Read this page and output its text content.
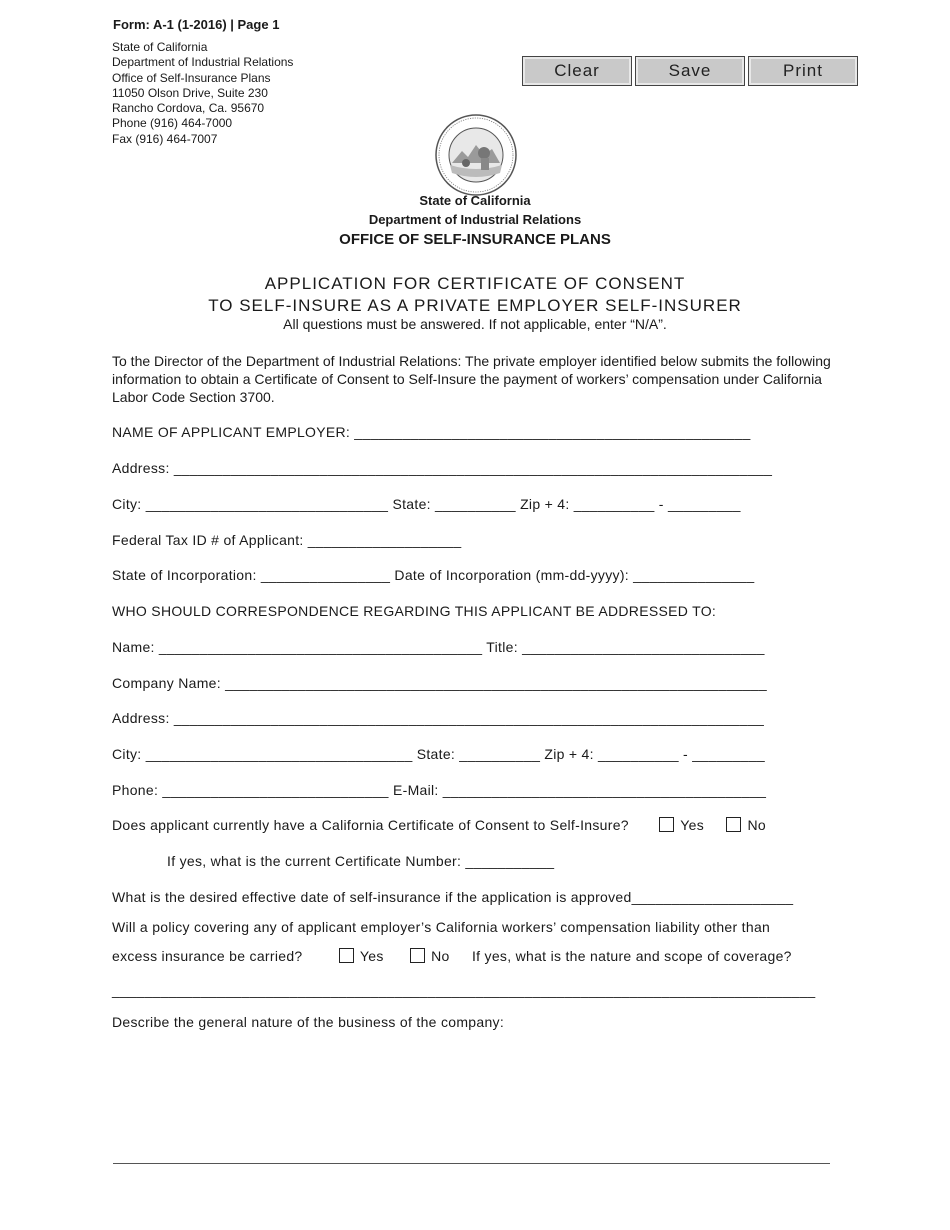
Form: A-1 (1-2016) | Page 1
State of California
Department of Industrial Relations
Office of Self-Insurance Plans
11050 Olson Drive, Suite 230
Rancho Cordova, Ca. 95670
Phone (916) 464-7000
Fax (916) 464-7007
Clear	Save	Print
State of California
Department of Industrial Relations
OFFICE OF SELF-INSURANCE PLANS
APPLICATION FOR CERTIFICATE OF CONSENT
TO SELF-INSURE AS A PRIVATE EMPLOYER SELF-INSURER
All questions must be answered. If not applicable, enter “N/A”.
To the Director of the Department of Industrial Relations: The private employer identified below submits the following information to obtain a Certificate of Consent to Self-Insure the payment of workers’ compensation under California Labor Code Section 3700.
NAME OF APPLICANT EMPLOYER: _________________________________________________
Address: __________________________________________________________________________
City: ______________________________ State: __________ Zip + 4: __________ - _________
Federal Tax ID # of Applicant: ___________________
State of Incorporation: ________________ Date of Incorporation (mm-dd-yyyy): _______________
WHO SHOULD CORRESPONDENCE REGARDING THIS APPLICANT BE ADDRESSED TO:
Name: ________________________________________ Title: ______________________________
Company Name: ___________________________________________________________________
Address: _________________________________________________________________________
City: _________________________________ State: __________ Zip + 4: __________ - _________
Phone: ____________________________ E-Mail: ________________________________________
Does applicant currently have a California Certificate of Consent to Self-Insure?	Yes	No
If yes, what is the current Certificate Number: ___________
What is the desired effective date of self-insurance if the application is approved____________________
Will a policy covering any of applicant employer’s California workers’ compensation liability other than
excess insurance be carried?	Yes	No If yes, what is the nature and scope of coverage?
_______________________________________________________________________________________
Describe the general nature of the business of the company:
